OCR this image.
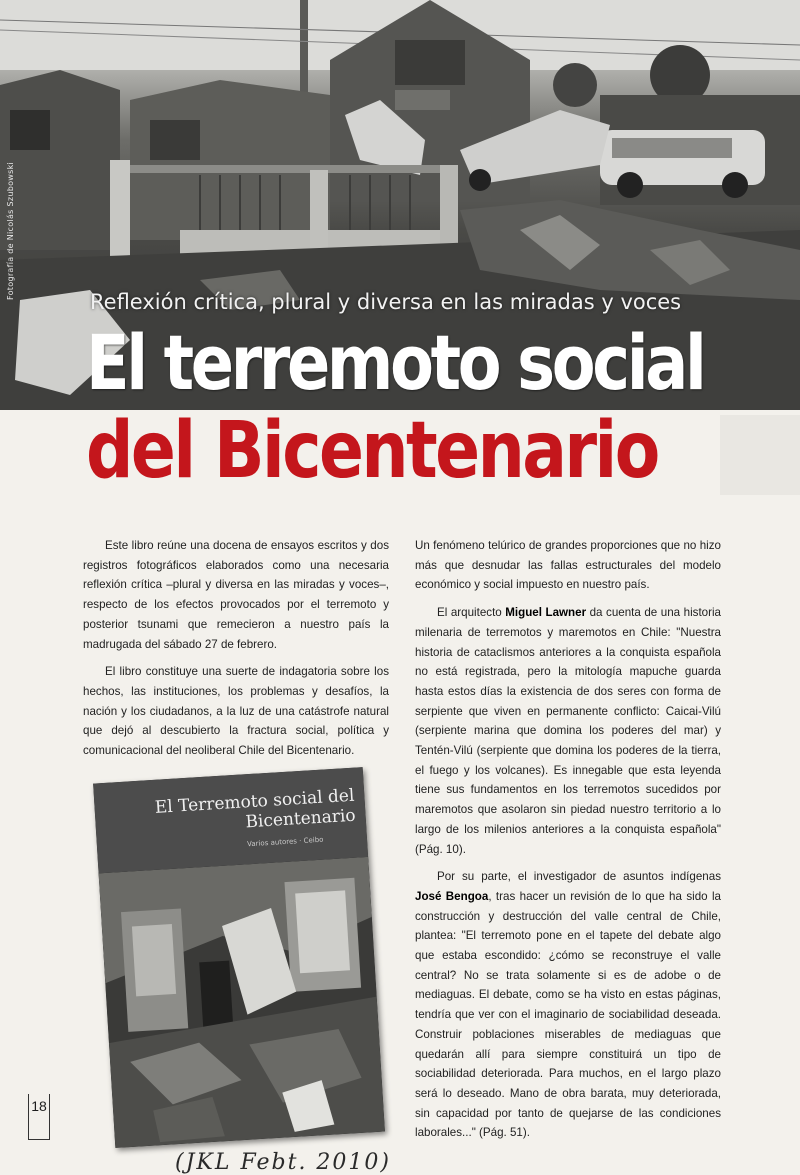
Fotografía de Nicolás Szubowski
Reflexión crítica, plural y diversa en las miradas y voces
El terremoto social
del Bicentenario

Este libro reúne una docena de ensayos escritos y dos registros fotográficos elaborados como una necesaria reflexión crítica –plural y diversa en las miradas y voces–, respecto de los efectos provocados por el terremoto y posterior tsunami que remecieron a nuestro país la madrugada del sábado 27 de febrero.

El libro constituye una suerte de indagatoria sobre los hechos, las instituciones, los problemas y desafíos, la nación y los ciudadanos, a la luz de una catástrofe natural que dejó al descubierto la fractura social, política y comunicacional del neoliberal Chile del Bicentenario.

Un fenómeno telúrico de grandes proporciones que no hizo más que desnudar las fallas estructurales del modelo económico y social impuesto en nuestro país.

El arquitecto Miguel Lawner da cuenta de una historia milenaria de terremotos y maremotos en Chile: "Nuestra historia de cataclismos anteriores a la conquista española no está registrada, pero la mitología mapuche guarda hasta estos días la existencia de dos seres con forma de serpiente que viven en permanente conflicto: Caicai-Vilú (serpiente marina que domina los poderes del mar) y Tentén-Vilú (serpiente que domina los poderes de la tierra, el fuego y los volcanes). Es innegable que esta leyenda tiene sus fundamentos en los terremotos sucedidos por maremotos que asolaron sin piedad nuestro territorio a lo largo de los milenios anteriores a la conquista española" (Pág. 10).

Por su parte, el investigador de asuntos indígenas José Bengoa, tras hacer un revisión de lo que ha sido la construcción y destrucción del valle central de Chile, plantea: "El terremoto pone en el tapete del debate algo que estaba escondido: ¿cómo se reconstruye el valle central? No se trata solamente si es de adobe o de mediaguas. El debate, como se ha visto en estas páginas, tendría que ver con el imaginario de sociabilidad deseada. Construir poblaciones miserables de mediaguas que quedarán allí para siempre constituirá un tipo de sociabilidad deteriorada. Para muchos, en el largo plazo será lo deseado. Mano de obra barata, muy deteriorada, sin capacidad por tanto de quejarse de las condiciones laborales..." (Pág. 51).

El Terremoto social del Bicentenario
Varios autores · Ceibo
18
(JKL Febt. 2010)
